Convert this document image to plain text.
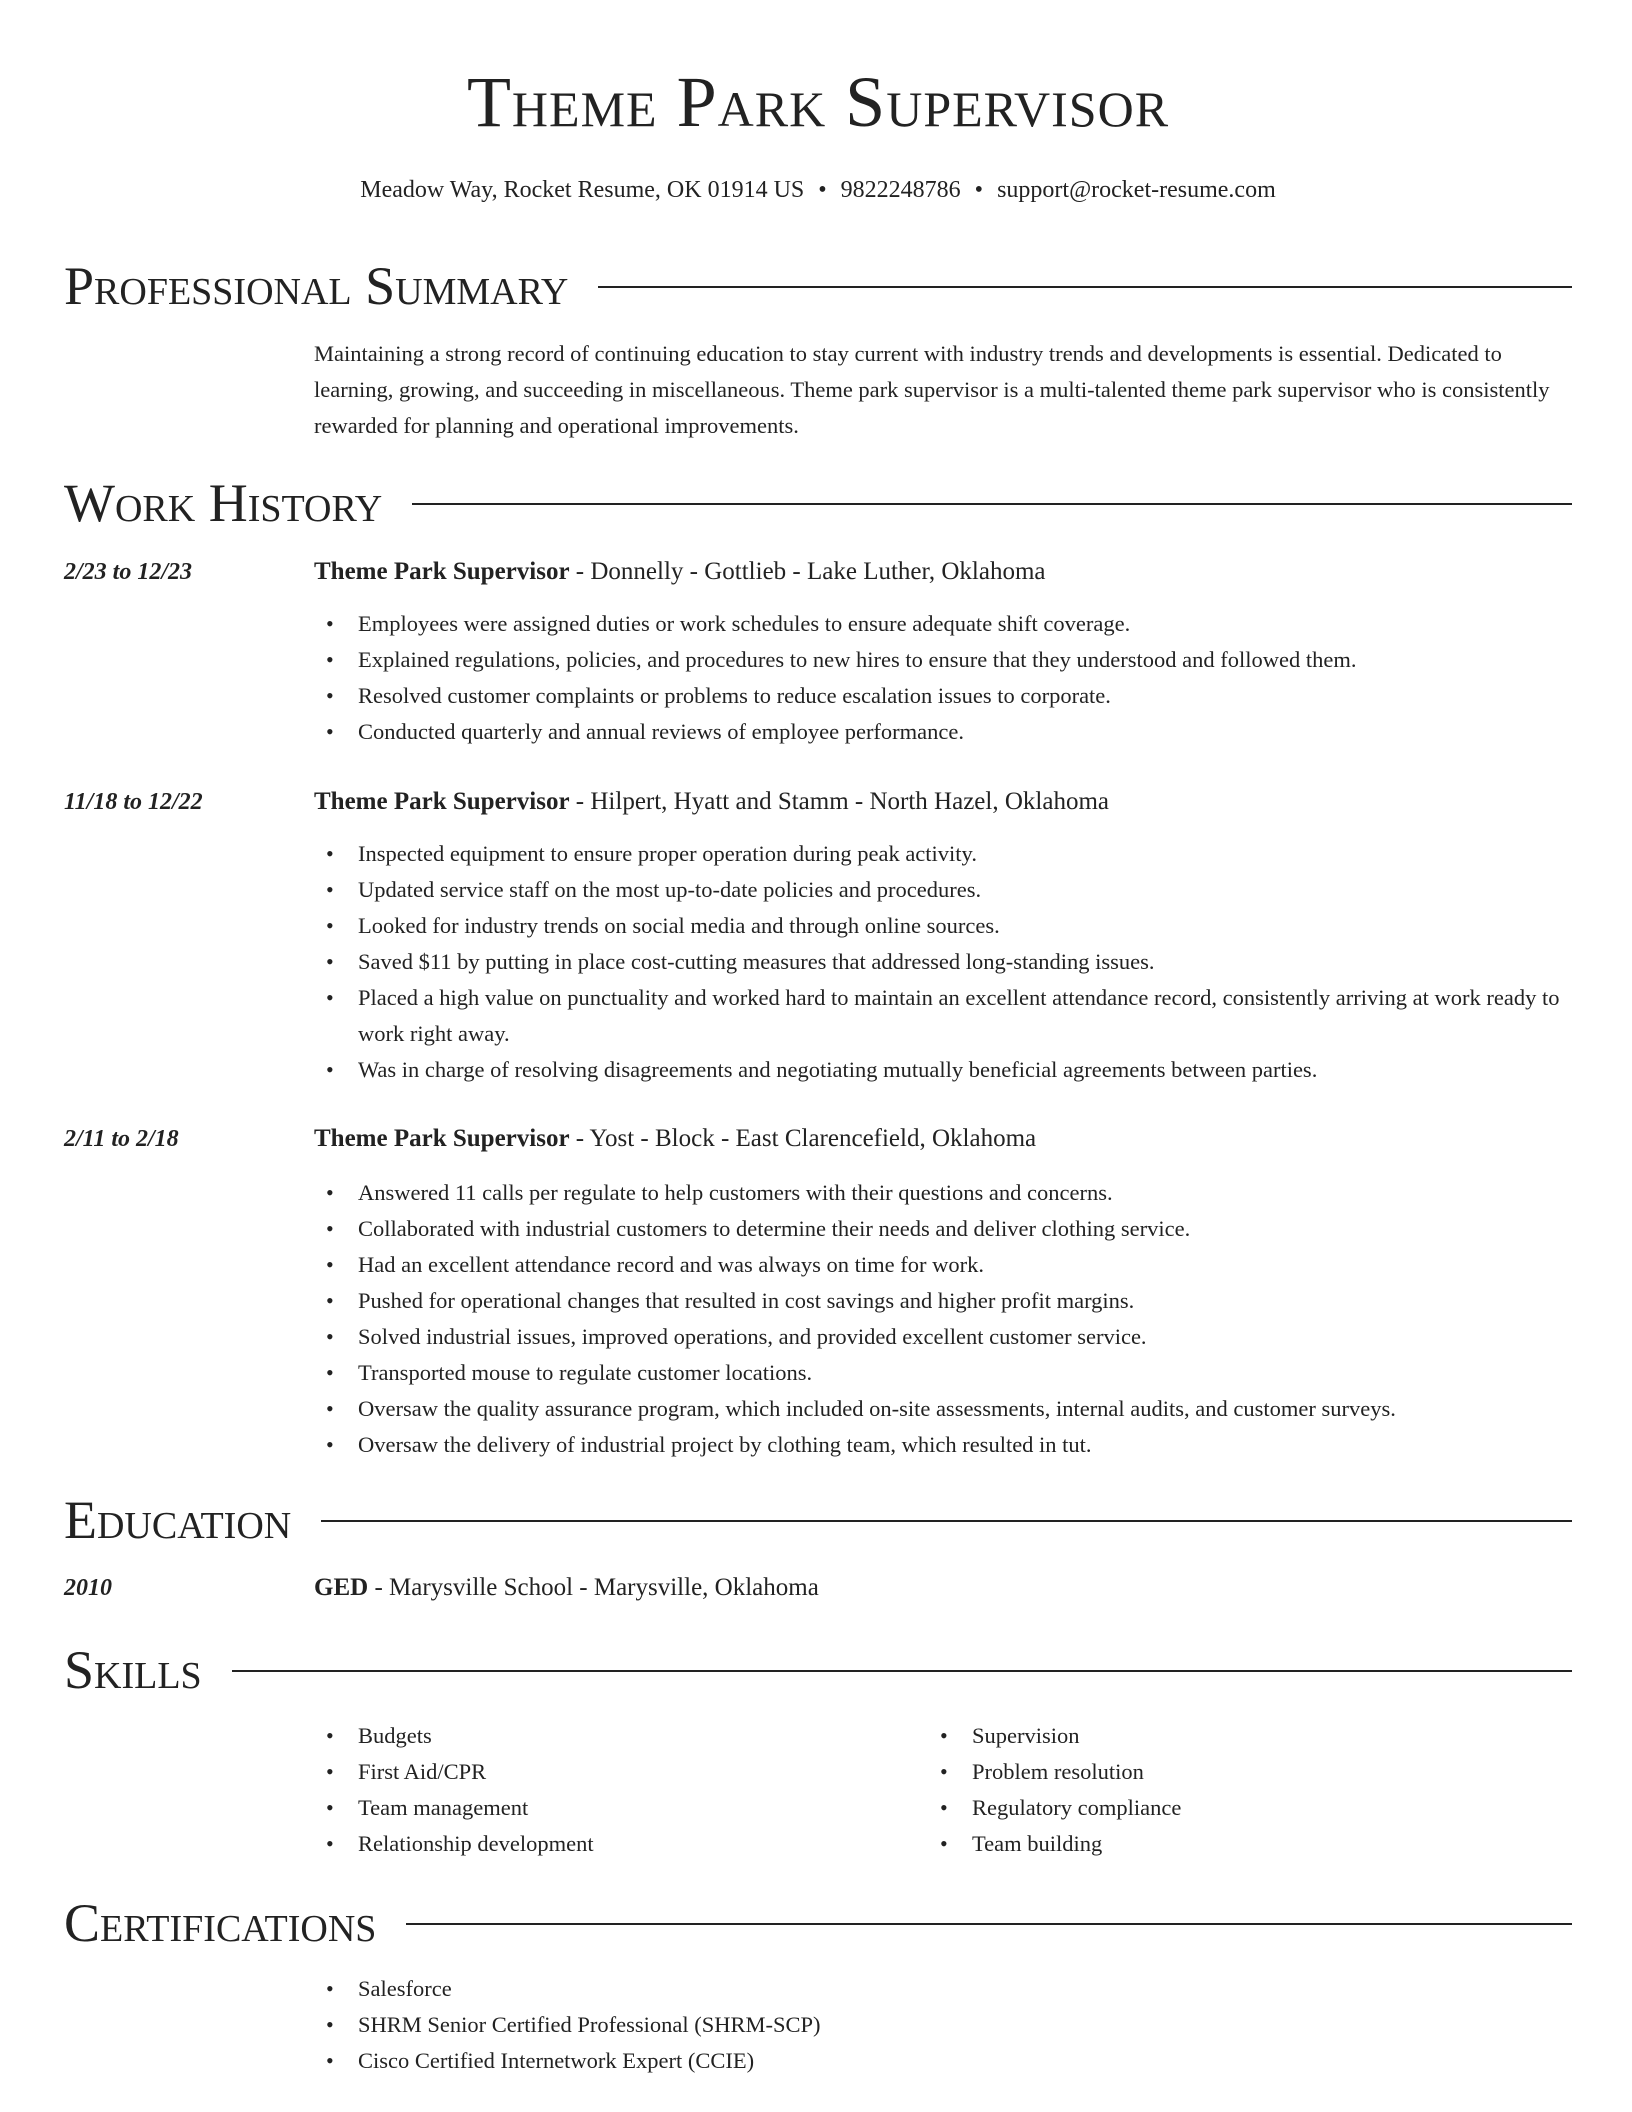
Theme Park Supervisor
Meadow Way, Rocket Resume, OK 01914 US • 9822248786 • support@rocket-resume.com
Professional Summary
Maintaining a strong record of continuing education to stay current with industry trends and developments is essential. Dedicated to learning, growing, and succeeding in miscellaneous. Theme park supervisor is a multi-talented theme park supervisor who is consistently rewarded for planning and operational improvements.
Work History
2/23 to 12/23	Theme Park Supervisor - Donnelly - Gottlieb - Lake Luther, Oklahoma
• Employees were assigned duties or work schedules to ensure adequate shift coverage.
• Explained regulations, policies, and procedures to new hires to ensure that they understood and followed them.
• Resolved customer complaints or problems to reduce escalation issues to corporate.
• Conducted quarterly and annual reviews of employee performance.
11/18 to 12/22	Theme Park Supervisor - Hilpert, Hyatt and Stamm - North Hazel, Oklahoma
• Inspected equipment to ensure proper operation during peak activity.
• Updated service staff on the most up-to-date policies and procedures.
• Looked for industry trends on social media and through online sources.
• Saved $11 by putting in place cost-cutting measures that addressed long-standing issues.
• Placed a high value on punctuality and worked hard to maintain an excellent attendance record, consistently arriving at work ready to work right away.
• Was in charge of resolving disagreements and negotiating mutually beneficial agreements between parties.
2/11 to 2/18	Theme Park Supervisor - Yost - Block - East Clarencefield, Oklahoma
• Answered 11 calls per regulate to help customers with their questions and concerns.
• Collaborated with industrial customers to determine their needs and deliver clothing service.
• Had an excellent attendance record and was always on time for work.
• Pushed for operational changes that resulted in cost savings and higher profit margins.
• Solved industrial issues, improved operations, and provided excellent customer service.
• Transported mouse to regulate customer locations.
• Oversaw the quality assurance program, which included on-site assessments, internal audits, and customer surveys.
• Oversaw the delivery of industrial project by clothing team, which resulted in tut.
Education
2010	GED - Marysville School - Marysville, Oklahoma
Skills
• Budgets
• First Aid/CPR
• Team management
• Relationship development
• Supervision
• Problem resolution
• Regulatory compliance
• Team building
Certifications
• Salesforce
• SHRM Senior Certified Professional (SHRM-SCP)
• Cisco Certified Internetwork Expert (CCIE)
